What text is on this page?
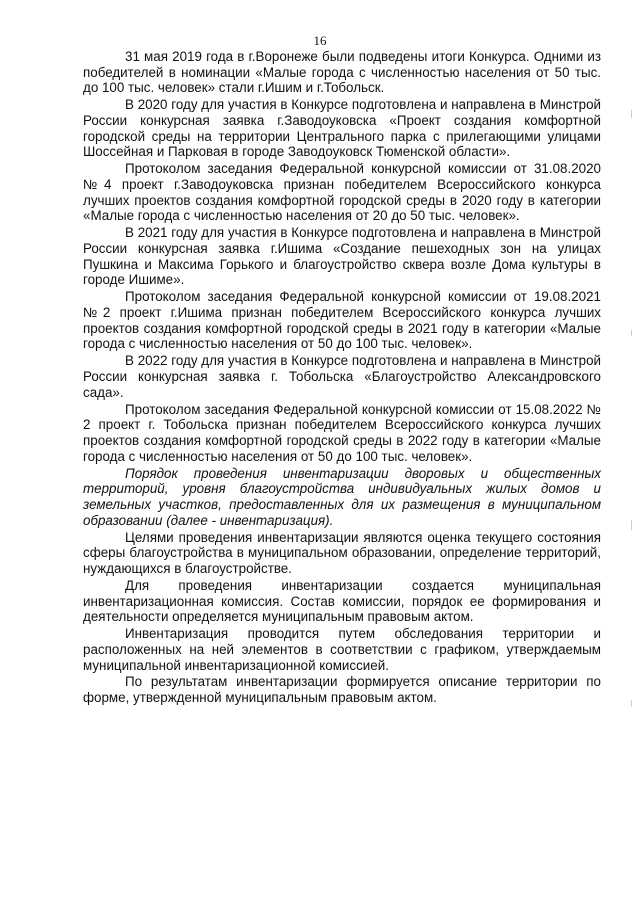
16

31 мая 2019 года в г.Воронеже были подведены итоги Конкурса. Одними из победителей в номинации «Малые города с численностью населения от 50 тыс. до 100 тыс. человек» стали г.Ишим и г.Тобольск.

В 2020 году для участия в Конкурсе подготовлена и направлена в Минстрой России конкурсная заявка г.Заводоуковска «Проект создания комфортной городской среды на территории Центрального парка с прилегающими улицами Шоссейная и Парковая в городе Заводоуковск Тюменской области».

Протоколом заседания Федеральной конкурсной комиссии от 31.08.2020 №4 проект г.Заводоуковска признан победителем Всероссийского конкурса лучших проектов создания комфортной городской среды в 2020 году в категории «Малые города с численностью населения от 20 до 50 тыс. человек».

В 2021 году для участия в Конкурсе подготовлена и направлена в Минстрой России конкурсная заявка г.Ишима «Создание пешеходных зон на улицах Пушкина и Максима Горького и благоустройство сквера возле Дома культуры в городе Ишиме».

Протоколом заседания Федеральной конкурсной комиссии от 19.08.2021 №2 проект г.Ишима признан победителем Всероссийского конкурса лучших проектов создания комфортной городской среды в 2021 году в категории «Малые города с численностью населения от 50 до 100 тыс. человек».

В 2022 году для участия в Конкурсе подготовлена и направлена в Минстрой России конкурсная заявка г. Тобольска «Благоустройство Александровского сада».

Протоколом заседания Федеральной конкурсной комиссии от 15.08.2022 № 2 проект г. Тобольска признан победителем Всероссийского конкурса лучших проектов создания комфортной городской среды в 2022 году в категории «Малые города с численностью населения от 50 до 100 тыс. человек».

Порядок проведения инвентаризации дворовых и общественных территорий, уровня благоустройства индивидуальных жилых домов и земельных участков, предоставленных для их размещения в муниципальном образовании (далее - инвентаризация).

Целями проведения инвентаризации являются оценка текущего состояния сферы благоустройства в муниципальном образовании, определение территорий, нуждающихся в благоустройстве.

Для проведения инвентаризации создается муниципальная инвентаризационная комиссия. Состав комиссии, порядок ее формирования и деятельности определяется муниципальным правовым актом.

Инвентаризация проводится путем обследования территории и расположенных на ней элементов в соответствии с графиком, утверждаемым муниципальной инвентаризационной комиссией.

По результатам инвентаризации формируется описание территории по форме, утвержденной муниципальным правовым актом.
